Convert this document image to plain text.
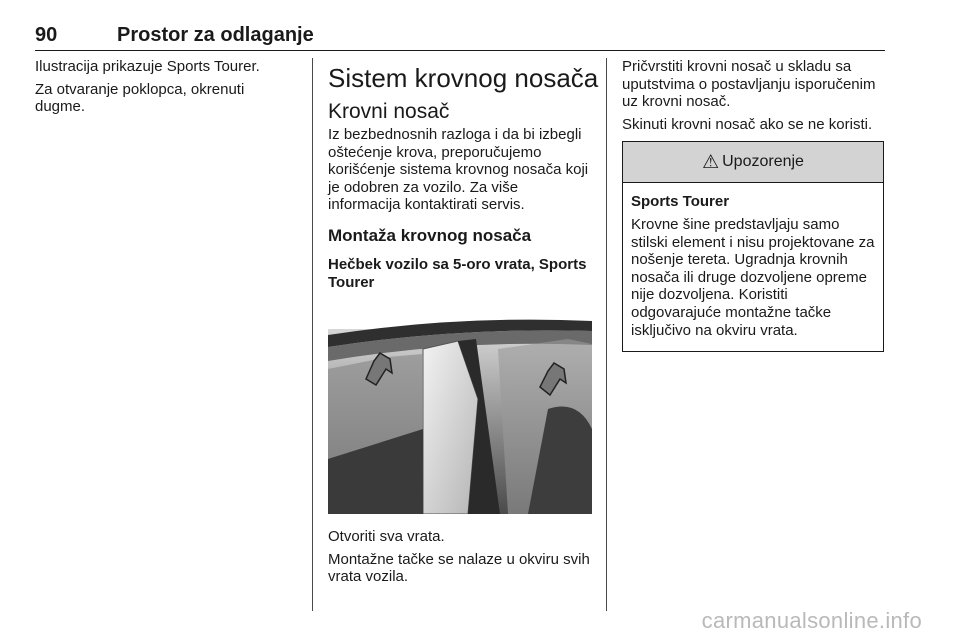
90	Prostor za odlaganje

Ilustracija prikazuje Sports Tourer.

Za otvaranje poklopca, okrenuti dugme.

Sistem krovnog nosača
Krovni nosač

Iz bezbednosnih razloga i da bi izbegli oštećenje krova, preporučujemo korišćenje sistema krovnog nosača koji je odobren za vozilo. Za više informacija kontaktirati servis.

Montaža krovnog nosača
Hečbek vozilo sa 5-oro vrata, Sports Tourer

Otvoriti sva vrata.

Montažne tačke se nalaze u okviru svih vrata vozila.

Pričvrstiti krovni nosač u skladu sa uputstvima o postavljanju isporučenim uz krovni nosač.

Skinuti krovni nosač ako se ne koristi.

⚠ Upozorenje

Sports Tourer

Krovne šine predstavljaju samo stilski element i nisu projektovane za nošenje tereta. Ugradnja krovnih nosača ili druge dozvoljene opreme nije dozvoljena. Koristiti odgovarajuće montažne tačke isključivo na okviru vrata.

carmanualsonline.info
